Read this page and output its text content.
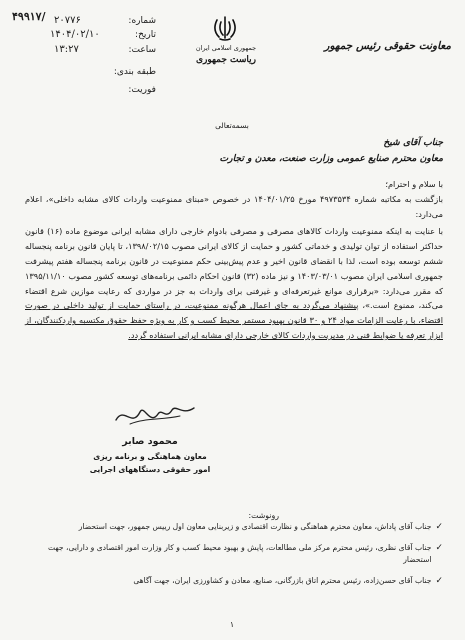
۴۹۹۱۷/	شماره:
۲۰۷۷۶
تاریخ:
۱۴۰۴/۰۲/۱۰
ساعت:
۱۳:۲۷
طبقه بندی:
فوریت:
جمهوری اسلامی ایران
ریاست جمهوری
معاونت حقوقی رئیس جمهور
بسمه‌تعالی
جناب آقای شیخ
معاون محترم صنایع عمومی وزارت صنعت، معدن و تجارت
با سلام و احترام؛
بازگشت به مکاتبه شماره ۴۹۷۳۵۳۴ مورخ ۱۴۰۴/۰۱/۲۵ در خصوص «مبنای ممنوعیت واردات کالای مشابه داخلی»، اعلام می‌دارد:
با عنایت به اینکه ممنوعیت واردات کالاهای مصرفی و مصرفی بادوام خارجی دارای مشابه ایرانی موضوع ماده (۱۶) قانون حداکثر استفاده از توان تولیدی و خدماتی کشور و حمایت از کالای ایرانی مصوب ۱۳۹۸/۰۲/۱۵، تا پایان قانون برنامه پنجساله ششم توسعه بوده است، لذا با انقضای قانون اخیر و عدم پیش‌بینی حکم ممنوعیت در قانون برنامه پنجساله هفتم پیشرفت جمهوری اسلامی ایران مصوب ۱۴۰۳/۰۳/۰۱ و نیز ماده (۳۲) قانون احکام دائمی برنامه‌های توسعه کشور مصوب ۱۳۹۵/۱۱/۱۰ که مقرر می‌دارد: «برقراری موانع غیرتعرفه‌ای و غیرفنی برای واردات به جز در مواردی که رعایت موازین شرع اقتضاء می‌کند، ممنوع است.»، پیشنهاد می‌گردد به جای اعمال هرگونه ممنوعیت، در راستای حمایت از تولید داخلی در صورت اقتضاء، با رعایت الزامات مواد ۲۴ و ۳۰ قانون بهبود مستمر محیط کسب و کار به ویژه حفظ حقوق مکتسبه واردکنندگان، از ابزار تعرفه یا ضوابط فنی در مدیریت واردات کالای خارجی دارای مشابه ایرانی استفاده گردد.
محمود صابر
معاون هماهنگی و برنامه ریزی
امور حقوقی دستگاههای اجرایی
رونوشت:
✓
جناب آقای پاداش، معاون محترم هماهنگی و نظارت اقتصادی و زیربنایی معاون اول رییس جمهور، جهت استحضار
✓
جناب آقای نظری، رئیس محترم مرکز ملی مطالعات، پایش و بهبود محیط کسب و کار وزارت امور اقتصادی و دارایی، جهت استحضار
✓
جناب آقای حسن‌زاده، رئیس محترم اتاق بازرگانی، صنایع، معادن و کشاورزی ایران، جهت آگاهی
۱
